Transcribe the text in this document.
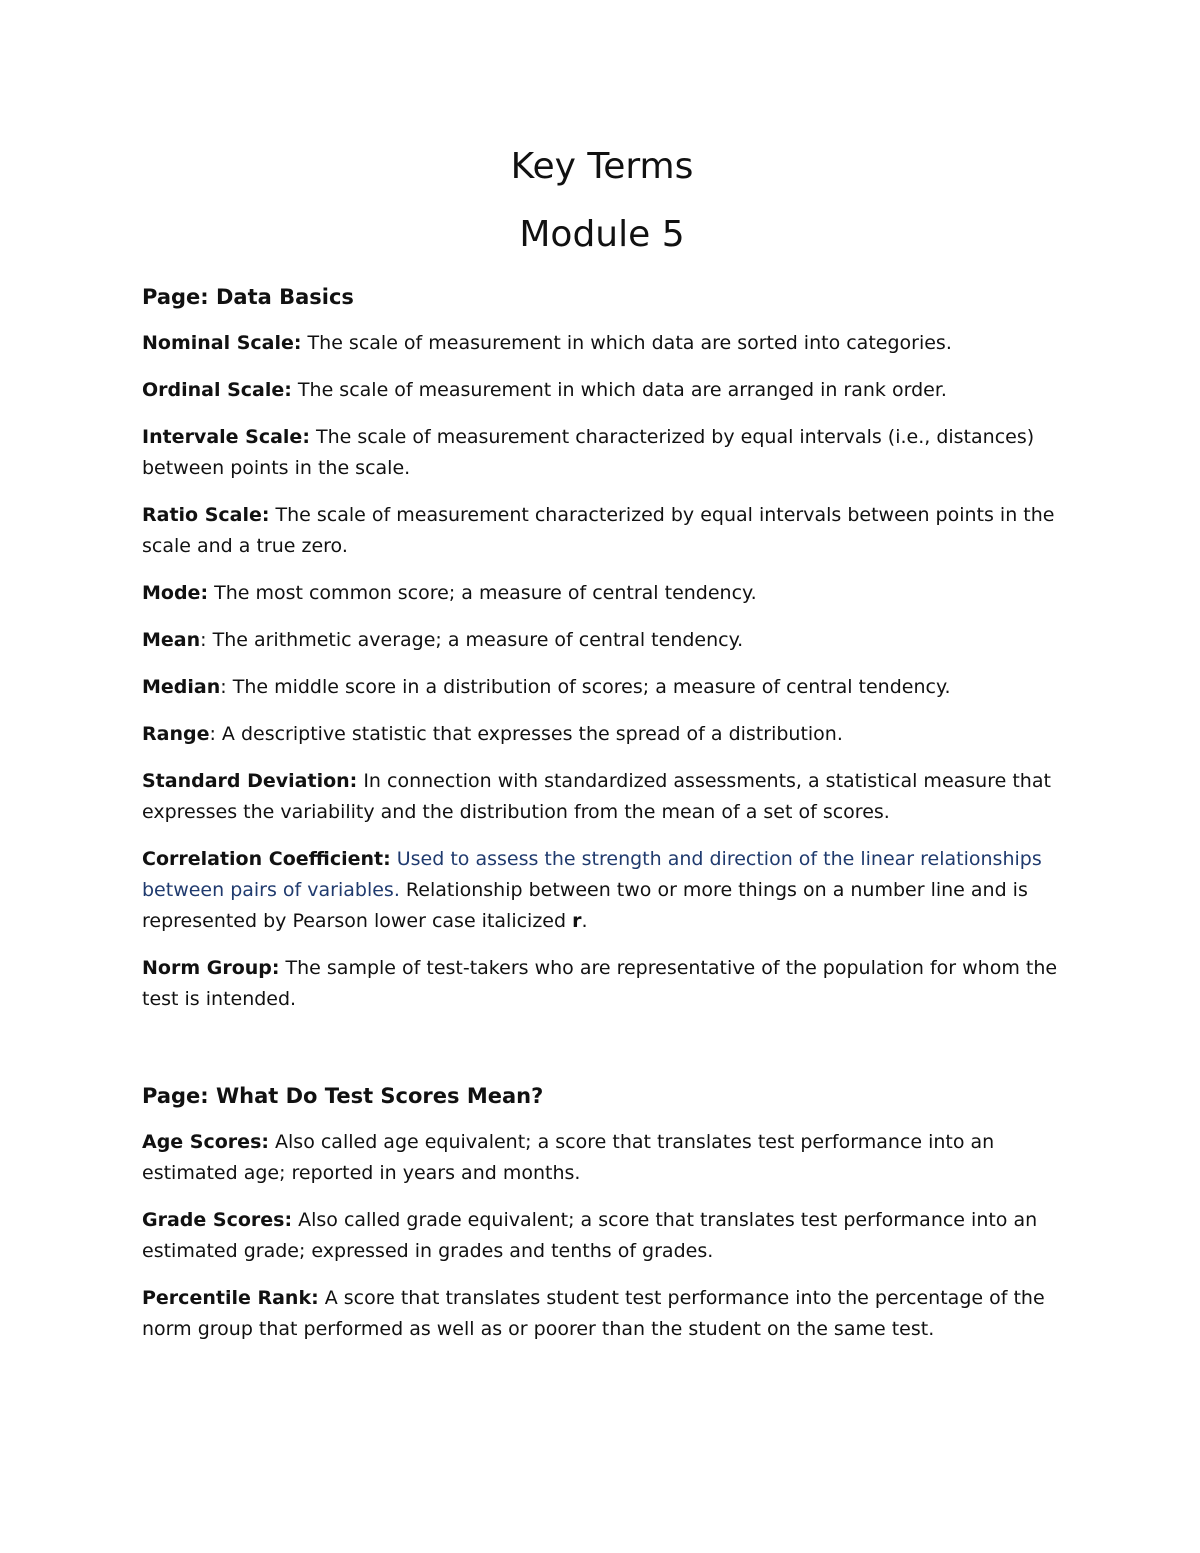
Key Terms
Module 5
Page: Data Basics

Nominal Scale: The scale of measurement in which data are sorted into categories.

Ordinal Scale: The scale of measurement in which data are arranged in rank order.

Intervale Scale: The scale of measurement characterized by equal intervals (i.e., distances) between points in the scale.

Ratio Scale: The scale of measurement characterized by equal intervals between points in the scale and a true zero.

Mode: The most common score; a measure of central tendency.

Mean: The arithmetic average; a measure of central tendency.

Median: The middle score in a distribution of scores; a measure of central tendency.

Range: A descriptive statistic that expresses the spread of a distribution.

Standard Deviation: In connection with standardized assessments, a statistical measure that expresses the variability and the distribution from the mean of a set of scores.

Correlation Coefficient: Used to assess the strength and direction of the linear relationships between pairs of variables. Relationship between two or more things on a number line and is represented by Pearson lower case italicized r.

Norm Group: The sample of test-takers who are representative of the population for whom the test is intended.

Page: What Do Test Scores Mean?

Age Scores: Also called age equivalent; a score that translates test performance into an estimated age; reported in years and months.

Grade Scores: Also called grade equivalent; a score that translates test performance into an estimated grade; expressed in grades and tenths of grades.

Percentile Rank: A score that translates student test performance into the percentage of the norm group that performed as well as or poorer than the student on the same test.
